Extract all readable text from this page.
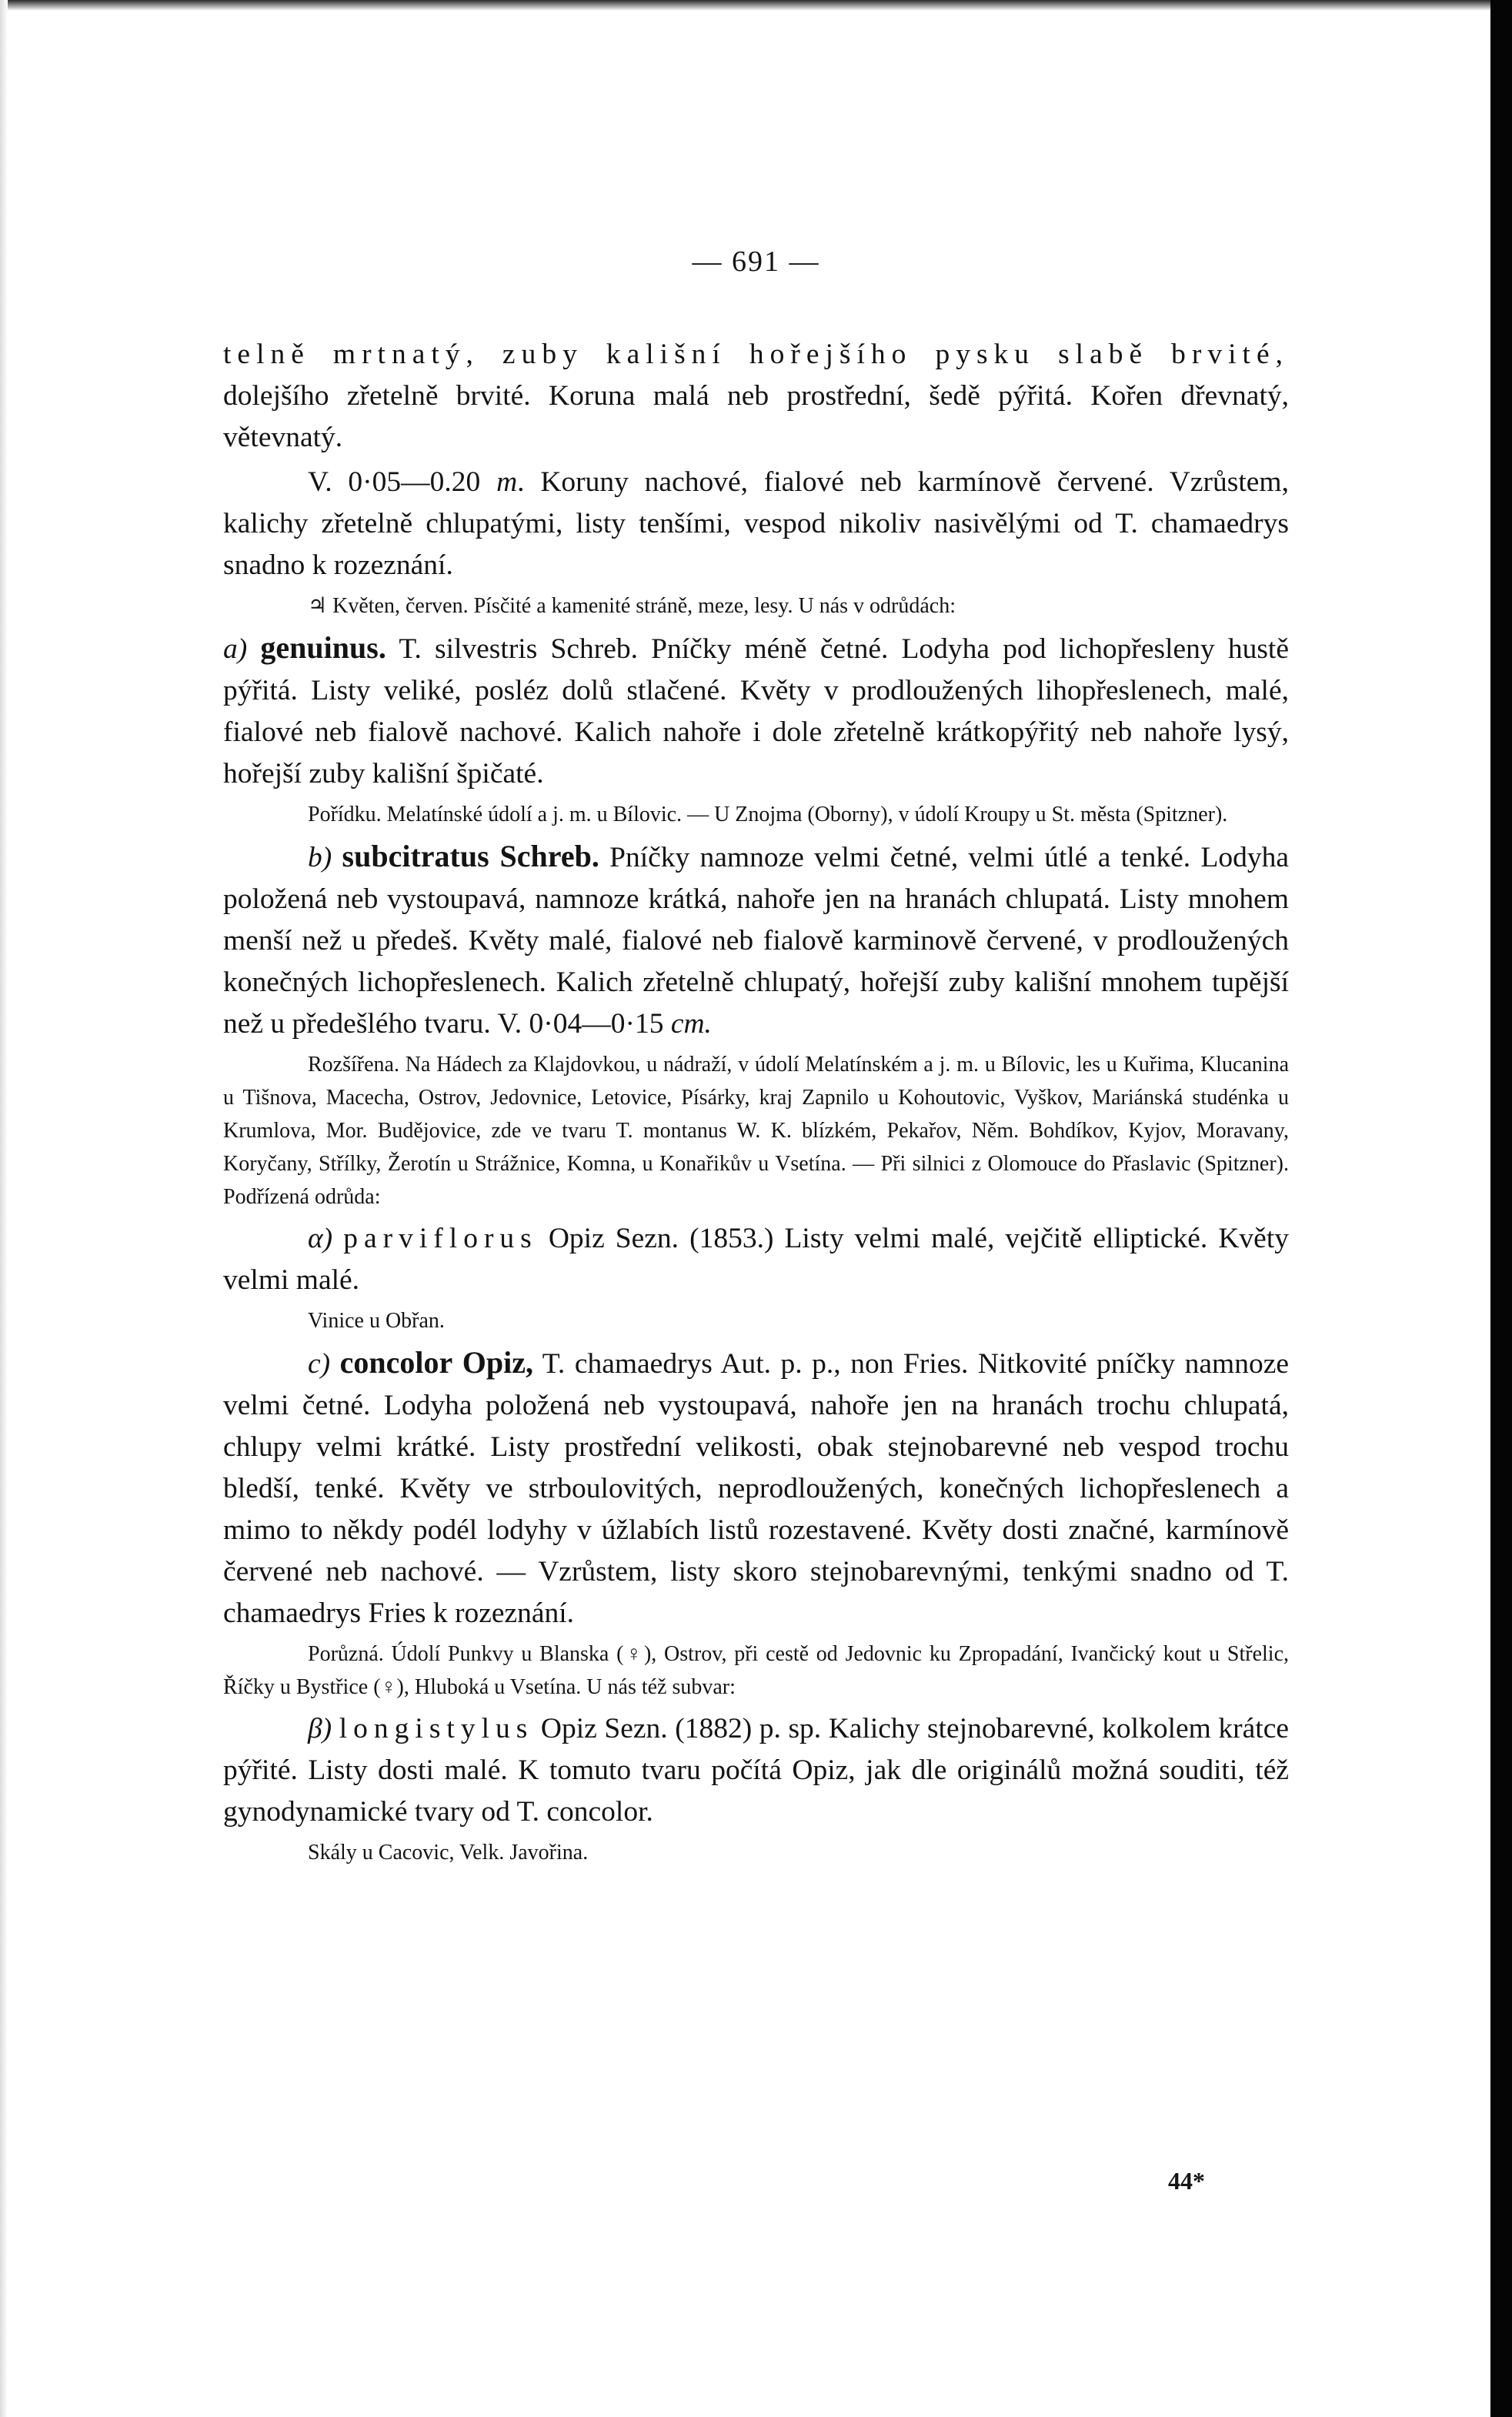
— 691 —

telně mrtnatý, zuby kališní hořejšího pysku slabě brvité, dolejšího zřetelně brvité. Koruna malá neb prostřední, šedě pýřitá. Kořen dřevnatý, větevnatý.

V. 0·05—0.20 m. Koruny nachové, fialové neb karmínově červené. Vzrůstem, kalichy zřetelně chlupatými, listy tenšími, vespod nikoliv nasivělými od T. chamaedrys snadno k rozeznání.

♃ Květen, červen. Písčité a kamenité stráně, meze, lesy. U nás v odrůdách:

a) genuinus. T. silvestris Schreb. Pníčky méně četné. Lodyha pod lichopřesleny hustě pýřitá. Listy veliké, posléz dolů stlačené. Květy v prodloužených lihopřeslenech, malé, fialové neb fialově nachové. Kalich nahoře i dole zřetelně krátkopýřitý neb nahoře lysý, hořejší zuby kališní špičaté.

Pořídku. Melatínské údolí a j. m. u Bílovic. — U Znojma (Oborny), v údolí Kroupy u St. města (Spitzner).

b) subcitratus Schreb. Pníčky namnoze velmi četné, velmi útlé a tenké. Lodyha položená neb vystoupavá, namnoze krátká, nahoře jen na hranách chlupatá. Listy mnohem menší než u předeš. Květy malé, fialové neb fialově karminově červené, v prodloužených konečných lichopřeslenech. Kalich zřetelně chlupatý, hořejší zuby kališní mnohem tupější než u předešlého tvaru. V. 0·04—0·15 cm.

Rozšířena. Na Hádech za Klajdovkou, u nádraží, v údolí Melatínském a j. m. u Bílovic, les u Kuřima, Klucanina u Tišnova, Macecha, Ostrov, Jedovnice, Letovice, Písárky, kraj Zapnilo u Kohoutovic, Vyškov, Mariánská studénka u Krumlova, Mor. Budějovice, zde ve tvaru T. montanus W. K. blízkém, Pekařov, Něm. Bohdíkov, Kyjov, Moravany, Koryčany, Střílky, Žerotín u Strážnice, Komna, u Konařikův u Vsetína. — Při silnici z Olomouce do Přaslavic (Spitzner). Podřízená odrůda:

α) parviflorus Opiz Sezn. (1853.) Listy velmi malé, vejčitě elliptické. Květy velmi malé.

Vinice u Obřan.

c) concolor Opiz, T. chamaedrys Aut. p. p., non Fries. Nitkovité pníčky namnoze velmi četné. Lodyha položená neb vystoupavá, nahoře jen na hranách trochu chlupatá, chlupy velmi krátké. Listy prostřední velikosti, obak stejnobarevné neb vespod trochu bledší, tenké. Květy ve strboulovitých, neprodloužených, konečných lichopřeslenech a mimo to někdy podél lodyhy v úžlabích listů rozestavené. Květy dosti značné, karmínově červené neb nachové. — Vzrůstem, listy skoro stejnobarevnými, tenkými snadno od T. chamaedrys Fries k rozeznání.

Porůzná. Údolí Punkvy u Blanska (♀), Ostrov, při cestě od Jedovnic ku Zpropadání, Ivančický kout u Střelic, Říčky u Bystřice (♀), Hluboká u Vsetína. U nás též subvar:

β) longistylus Opiz Sezn. (1882) p. sp. Kalichy stejnobarevné, kolkolem krátce pýřité. Listy dosti malé. K tomuto tvaru počítá Opiz, jak dle originálů možná souditi, též gynodynamické tvary od T. concolor.

Skály u Cacovic, Velk. Javořina.

44*
